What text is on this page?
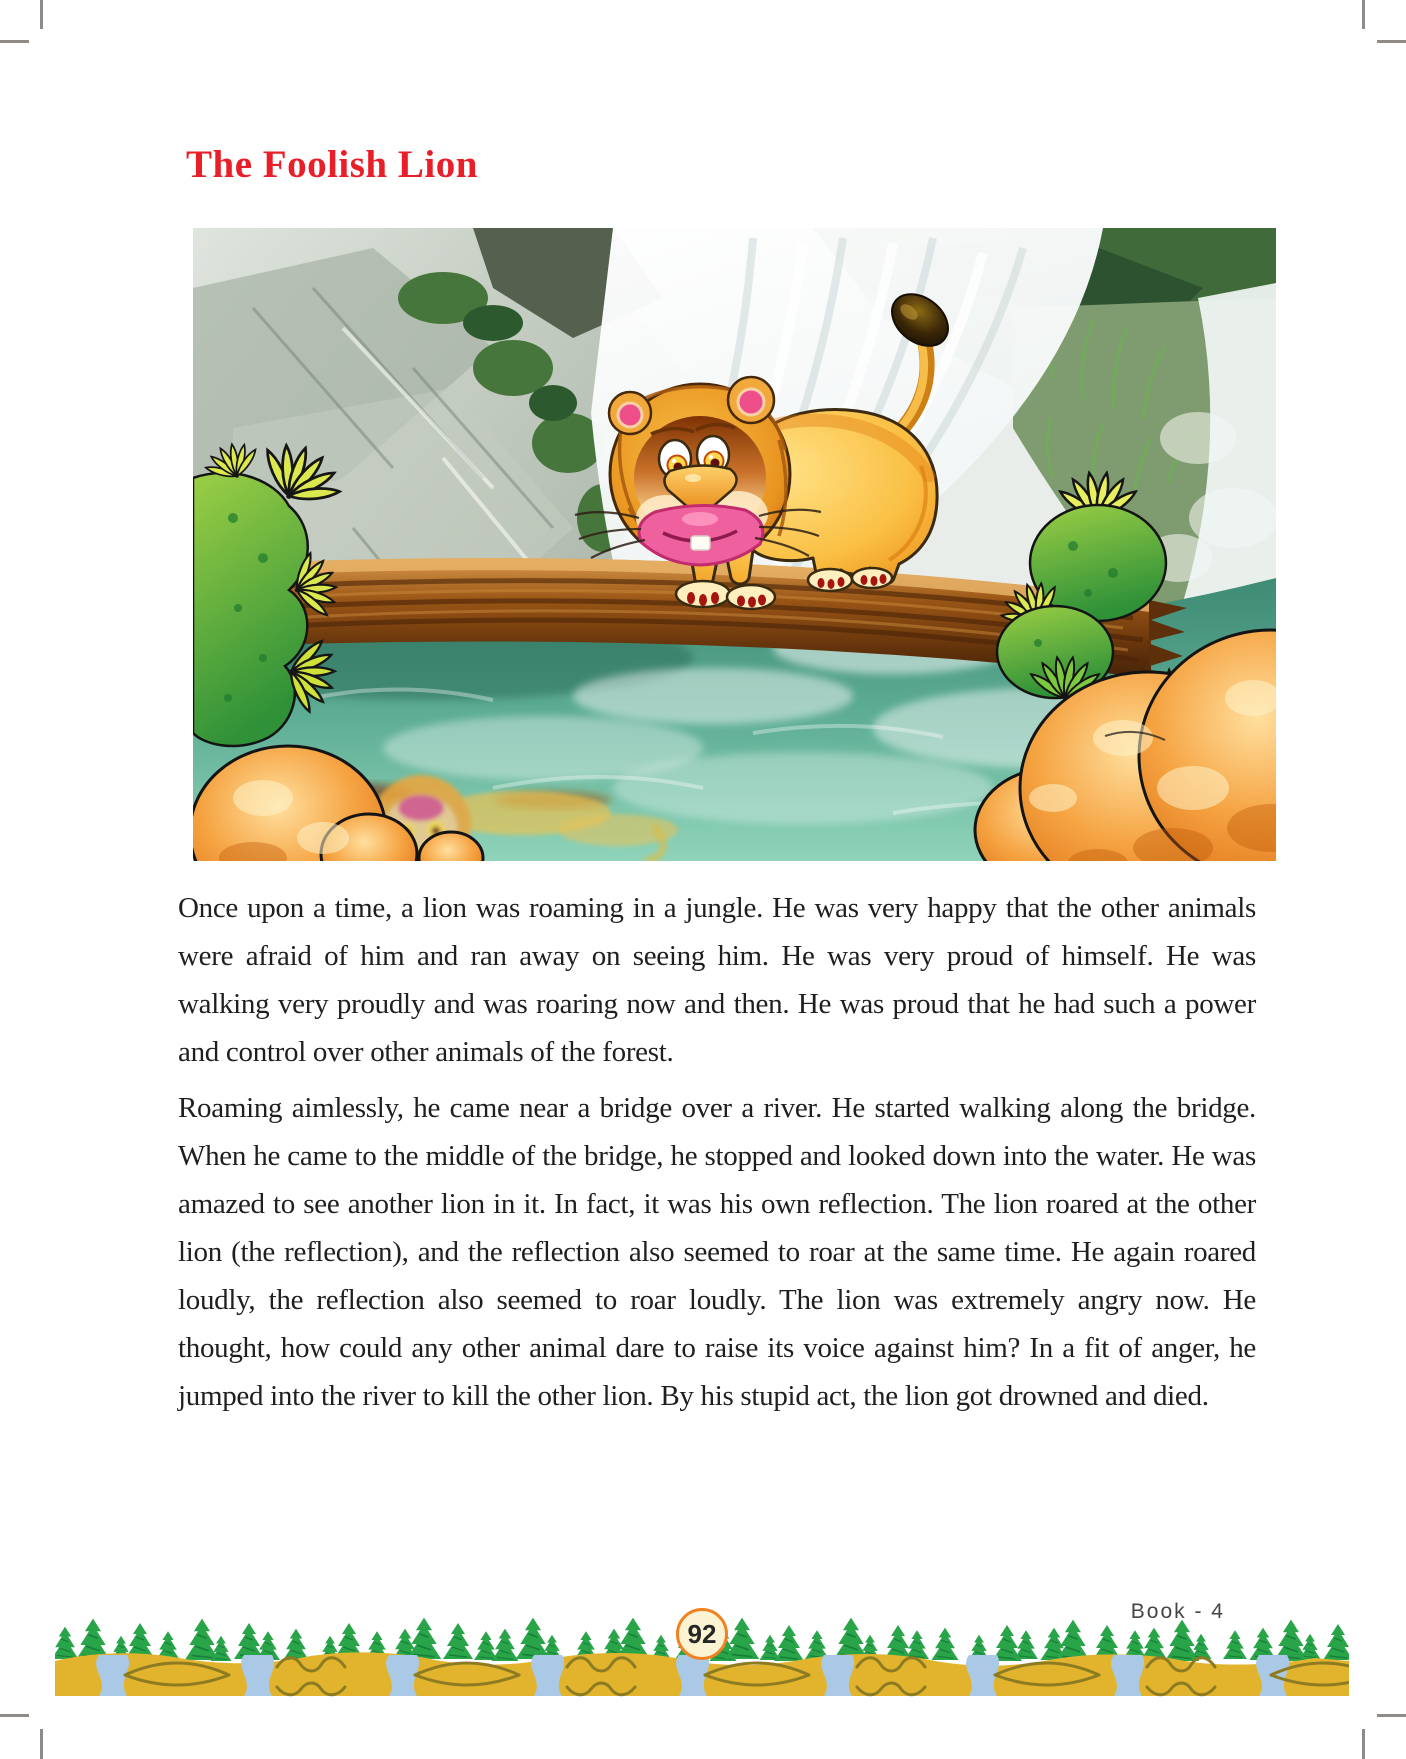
The Foolish Lion

Once upon a time, a lion was roaming in a jungle. He was very happy that the other animals were afraid of him and ran away on seeing him. He was very proud of himself. He was walking very proudly and was roaring now and then. He was proud that he had such a power and control over other animals of the forest.

Roaming aimlessly, he came near a bridge over a river. He started walking along the bridge. When he came to the middle of the bridge, he stopped and looked down into the water. He was amazed to see another lion in it. In fact, it was his own reflection. The lion roared at the other lion (the reflection), and the reflection also seemed to roar at the same time. He again roared loudly, the reflection also seemed to roar loudly. The lion was extremely angry now. He thought, how could any other animal dare to raise its voice against him? In a fit of anger, he jumped into the river to kill the other lion. By his stupid act, the lion got drowned and died.

92
Book - 4
